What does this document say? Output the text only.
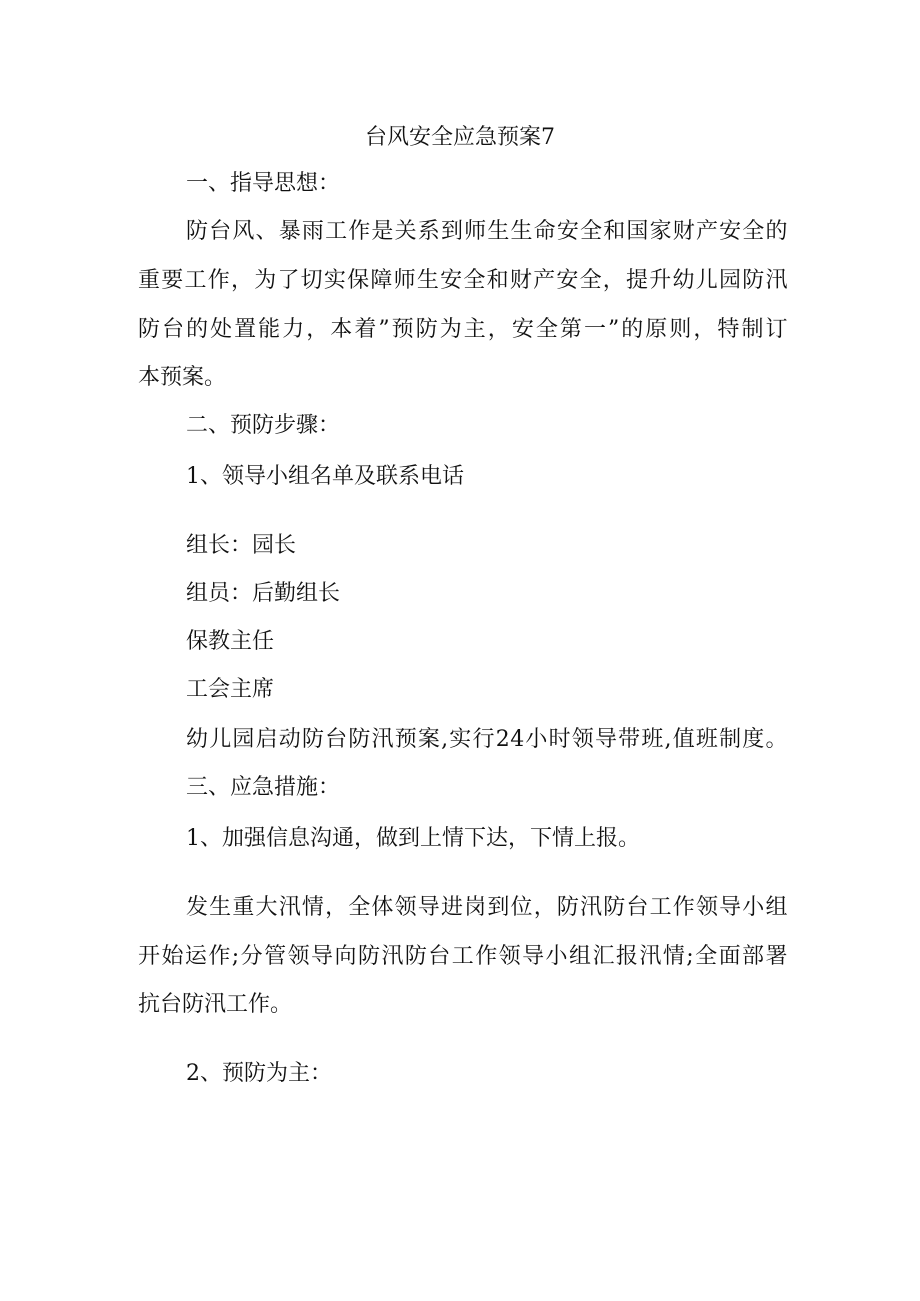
台风安全应急预案7

一、指导思想：

防台风、暴雨工作是关系到师生生命安全和国家财产安全的

重要工作，为了切实保障师生安全和财产安全，提升幼儿园防汛

防台的处置能力，本着”预防为主，安全第一”的原则，特制订

本预案。

二、预防步骤：

1、领导小组名单及联系电话

组长：园长

组员：后勤组长

保教主任

工会主席

幼儿园启动防台防汛预案,实行24小时领导带班,值班制度。

三、应急措施：

1、加强信息沟通，做到上情下达，下情上报。

发生重大汛情，全体领导进岗到位，防汛防台工作领导小组

开始运作;分管领导向防汛防台工作领导小组汇报汛情;全面部署

抗台防汛工作。

2、预防为主：
